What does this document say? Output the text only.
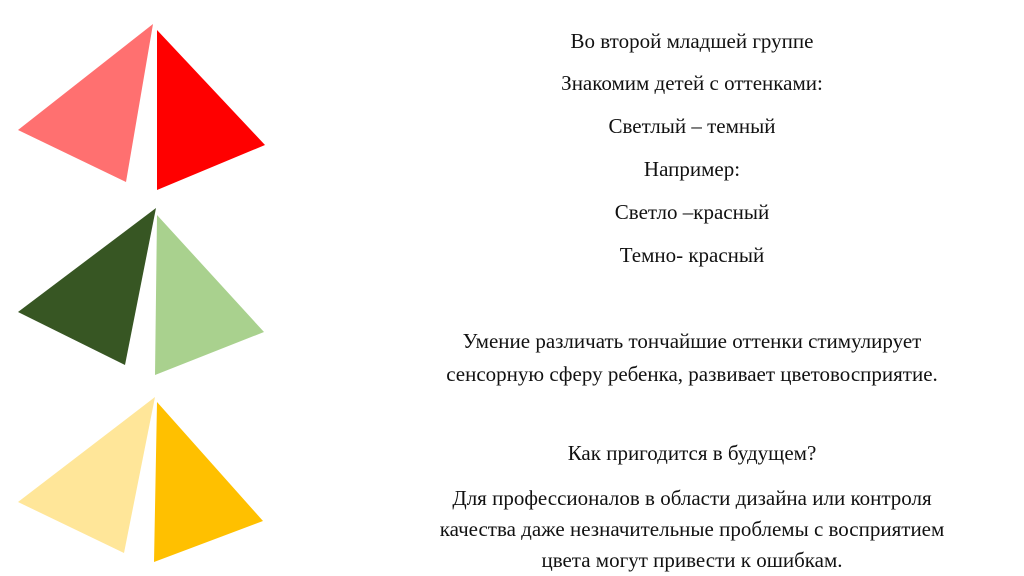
Во второй младшей группе

Знакомим детей с оттенками:

Светлый – темный

Например:

Светло –красный

Темно- красный

Умение различать тончайшие оттенки стимулирует

сенсорную сферу ребенка, развивает цветовосприятие.

Как пригодится в будущем?

Для профессионалов в области дизайна или контроля

качества даже незначительные проблемы с восприятием

цвета могут привести к ошибкам.
